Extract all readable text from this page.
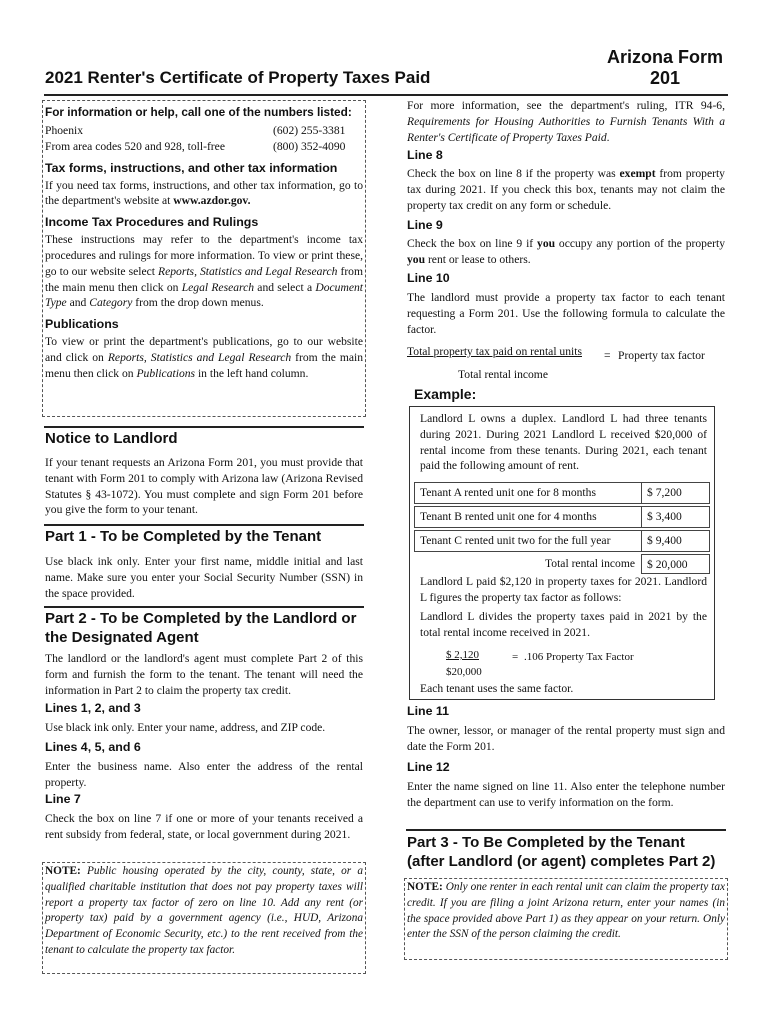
Arizona Form
201
2021 Renter's Certificate of Property Taxes Paid
For information or help, call one of the numbers listed:
Phoenix	(602) 255-3381
From area codes 520 and 928, toll-free	(800) 352-4090
Tax forms, instructions, and other tax information

If you need tax forms, instructions, and other tax information, go to the department's website at www.azdor.gov.

Income Tax Procedures and Rulings

These instructions may refer to the department's income tax procedures and rulings for more information. To view or print these, go to our website select Reports, Statistics and Legal Research from the main menu then click on Legal Research and select a Document Type and Category from the drop down menus.

Publications

To view or print the department's publications, go to our website and click on Reports, Statistics and Legal Research from the main menu then click on Publications in the left hand column.

Notice to Landlord

If your tenant requests an Arizona Form 201, you must provide that tenant with Form 201 to comply with Arizona law (Arizona Revised Statutes § 43-1072). You must complete and sign Form 201 before you give the form to your tenant.

Part 1 - To be Completed by the Tenant

Use black ink only. Enter your first name, middle initial and last name. Make sure you enter your Social Security Number (SSN) in the space provided.

Part 2 - To be Completed by the Landlord or the Designated Agent

The landlord or the landlord's agent must complete Part 2 of this form and furnish the form to the tenant. The tenant will need the information in Part 2 to claim the property tax credit.

Lines 1, 2, and 3

Use black ink only. Enter your name, address, and ZIP code.

Lines 4, 5, and 6

Enter the business name. Also enter the address of the rental property.

Line 7

Check the box on line 7 if one or more of your tenants received a rent subsidy from federal, state, or local government during 2021.

NOTE: Public housing operated by the city, county, state, or a qualified charitable institution that does not pay property taxes will report a property tax factor of zero on line 10. Add any rent (or property tax) paid by a government agency (i.e., HUD, Arizona Department of Economic Security, etc.) to the rent received from the tenant to calculate the property tax factor.

For more information, see the department's ruling, ITR 94-6, Requirements for Housing Authorities to Furnish Tenants With a Renter's Certificate of Property Taxes Paid.

Line 8

Check the box on line 8 if the property was exempt from property tax during 2021. If you check this box, tenants may not claim the property tax credit on any form or schedule.

Line 9

Check the box on line 9 if you occupy any portion of the property you rent or lease to others.

Line 10

The landlord must provide a property tax factor to each tenant requesting a Form 201. Use the following formula to calculate the factor.

Total property tax paid on rental units = Property tax factor
Total rental income
Example:

Landlord L owns a duplex. Landlord L had three tenants during 2021. During 2021 Landlord L received $20,000 of rental income from these tenants. During 2021, each tenant paid the following amount of rent.

Tenant A rented unit one for 8 months	$ 7,200
Tenant B rented unit one for 4 months	$ 3,400
Tenant C rented unit two for the full year	$ 9,400
Total rental income	$ 20,000

Landlord L paid $2,120 in property taxes for 2021. Landlord L figures the property tax factor as follows:

Landlord L divides the property taxes paid in 2021 by the total rental income received in 2021.

$\frac{\$ 2,120}{\$20,000}$	= .106 Property Tax Factor

Each tenant uses the same factor.

Line 11

The owner, lessor, or manager of the rental property must sign and date the Form 201.

Line 12

Enter the name signed on line 11. Also enter the telephone number the department can use to verify information on the form.

Part 3 - To Be Completed by the Tenant
(after Landlord (or agent) completes Part 2)

NOTE: Only one renter in each rental unit can claim the property tax credit. If you are filing a joint Arizona return, enter your names (in the space provided above Part 1) as they appear on your return. Only enter the SSN of the person claiming the credit.
